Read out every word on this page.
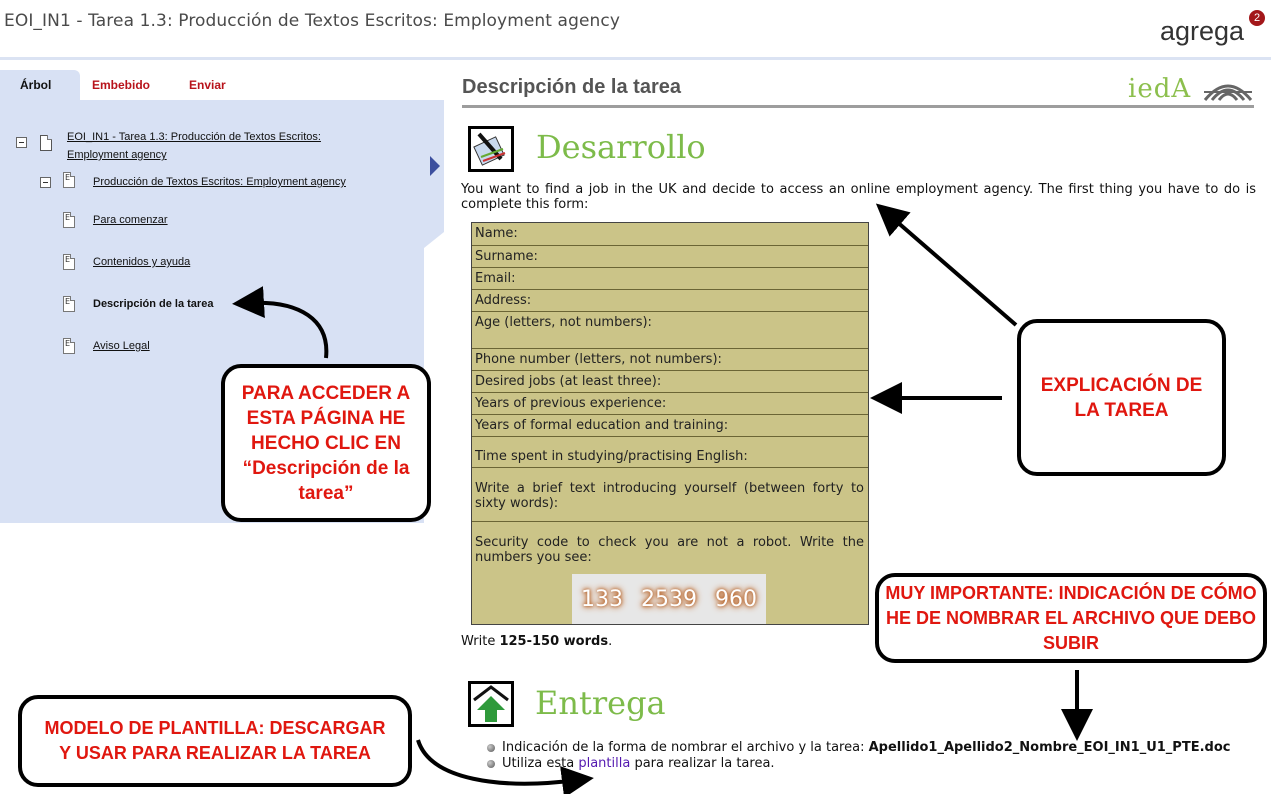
EOI_IN1 - Tarea 1.3: Producción de Textos Escritos: Employment agency	agrega 2
Árbol	Embebido	Enviar
EOI_IN1 - Tarea 1.3: Producción de Textos Escritos:
Employment agency
E	Producción de Textos Escritos: Employment agency
E	Para comenzar
E	Contenidos y ayuda
E	Descripción de la tarea
E	Aviso Legal
Descripción de la tarea	iedA
Desarrollo
You want to find a job in the UK and decide to access an online employment agency. The first thing you have to do is complete this form:
Name:
Surname:
Email:
Address:
Age (letters, not numbers):
Phone number (letters, not numbers):
Desired jobs (at least three):
Years of previous experience:
Years of formal education and training:
Time spent in studying/practising English:
Write a brief text introducing yourself (between forty to sixty words):
Security code to check you are not a robot. Write the numbers you see:
133 2539 960
Write 125-150 words.
Entrega
Indicación de la forma de nombrar el archivo y la tarea: Apellido1_Apellido2_Nombre_EOI_IN1_U1_PTE.doc
Utiliza esta plantilla para realizar la tarea.
PARA ACCEDER A ESTA PÁGINA HE HECHO CLIC EN “Descripción de la tarea”
EXPLICACIÓN DE LA TAREA
MUY IMPORTANTE: INDICACIÓN DE CÓMO HE DE NOMBRAR EL ARCHIVO QUE DEBO SUBIR
MODELO DE PLANTILLA: DESCARGAR Y USAR PARA REALIZAR LA TAREA
